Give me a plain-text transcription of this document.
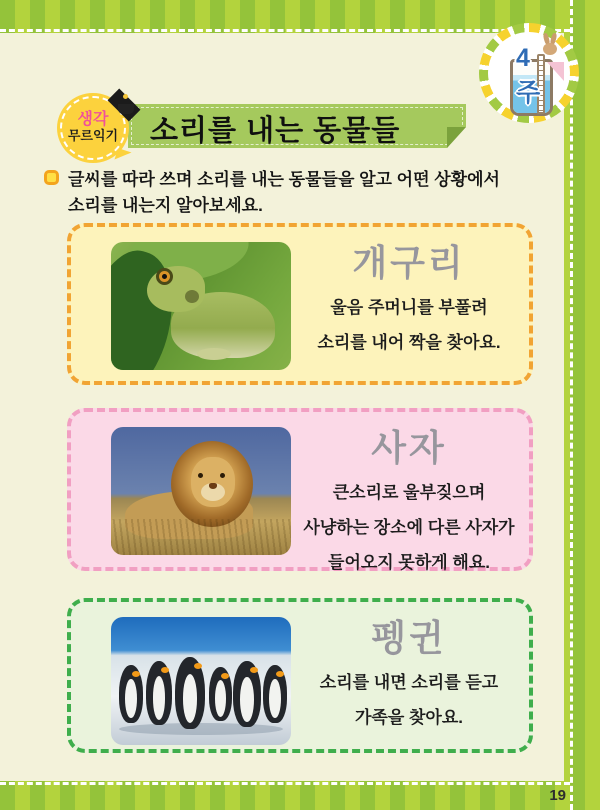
4주
생각
무르익기 소리를 내는 동물들
글씨를 따라 쓰며 소리를 내는 동물들을 알고 어떤 상황에서
소리를 내는지 알아보세요.
개구리
울음 주머니를 부풀려
소리를 내어 짝을 찾아요.
사자
큰소리로 울부짖으며
사냥하는 장소에 다른 사자가
들어오지 못하게 해요.
펭귄
소리를 내면 소리를 듣고
가족을 찾아요.
19
